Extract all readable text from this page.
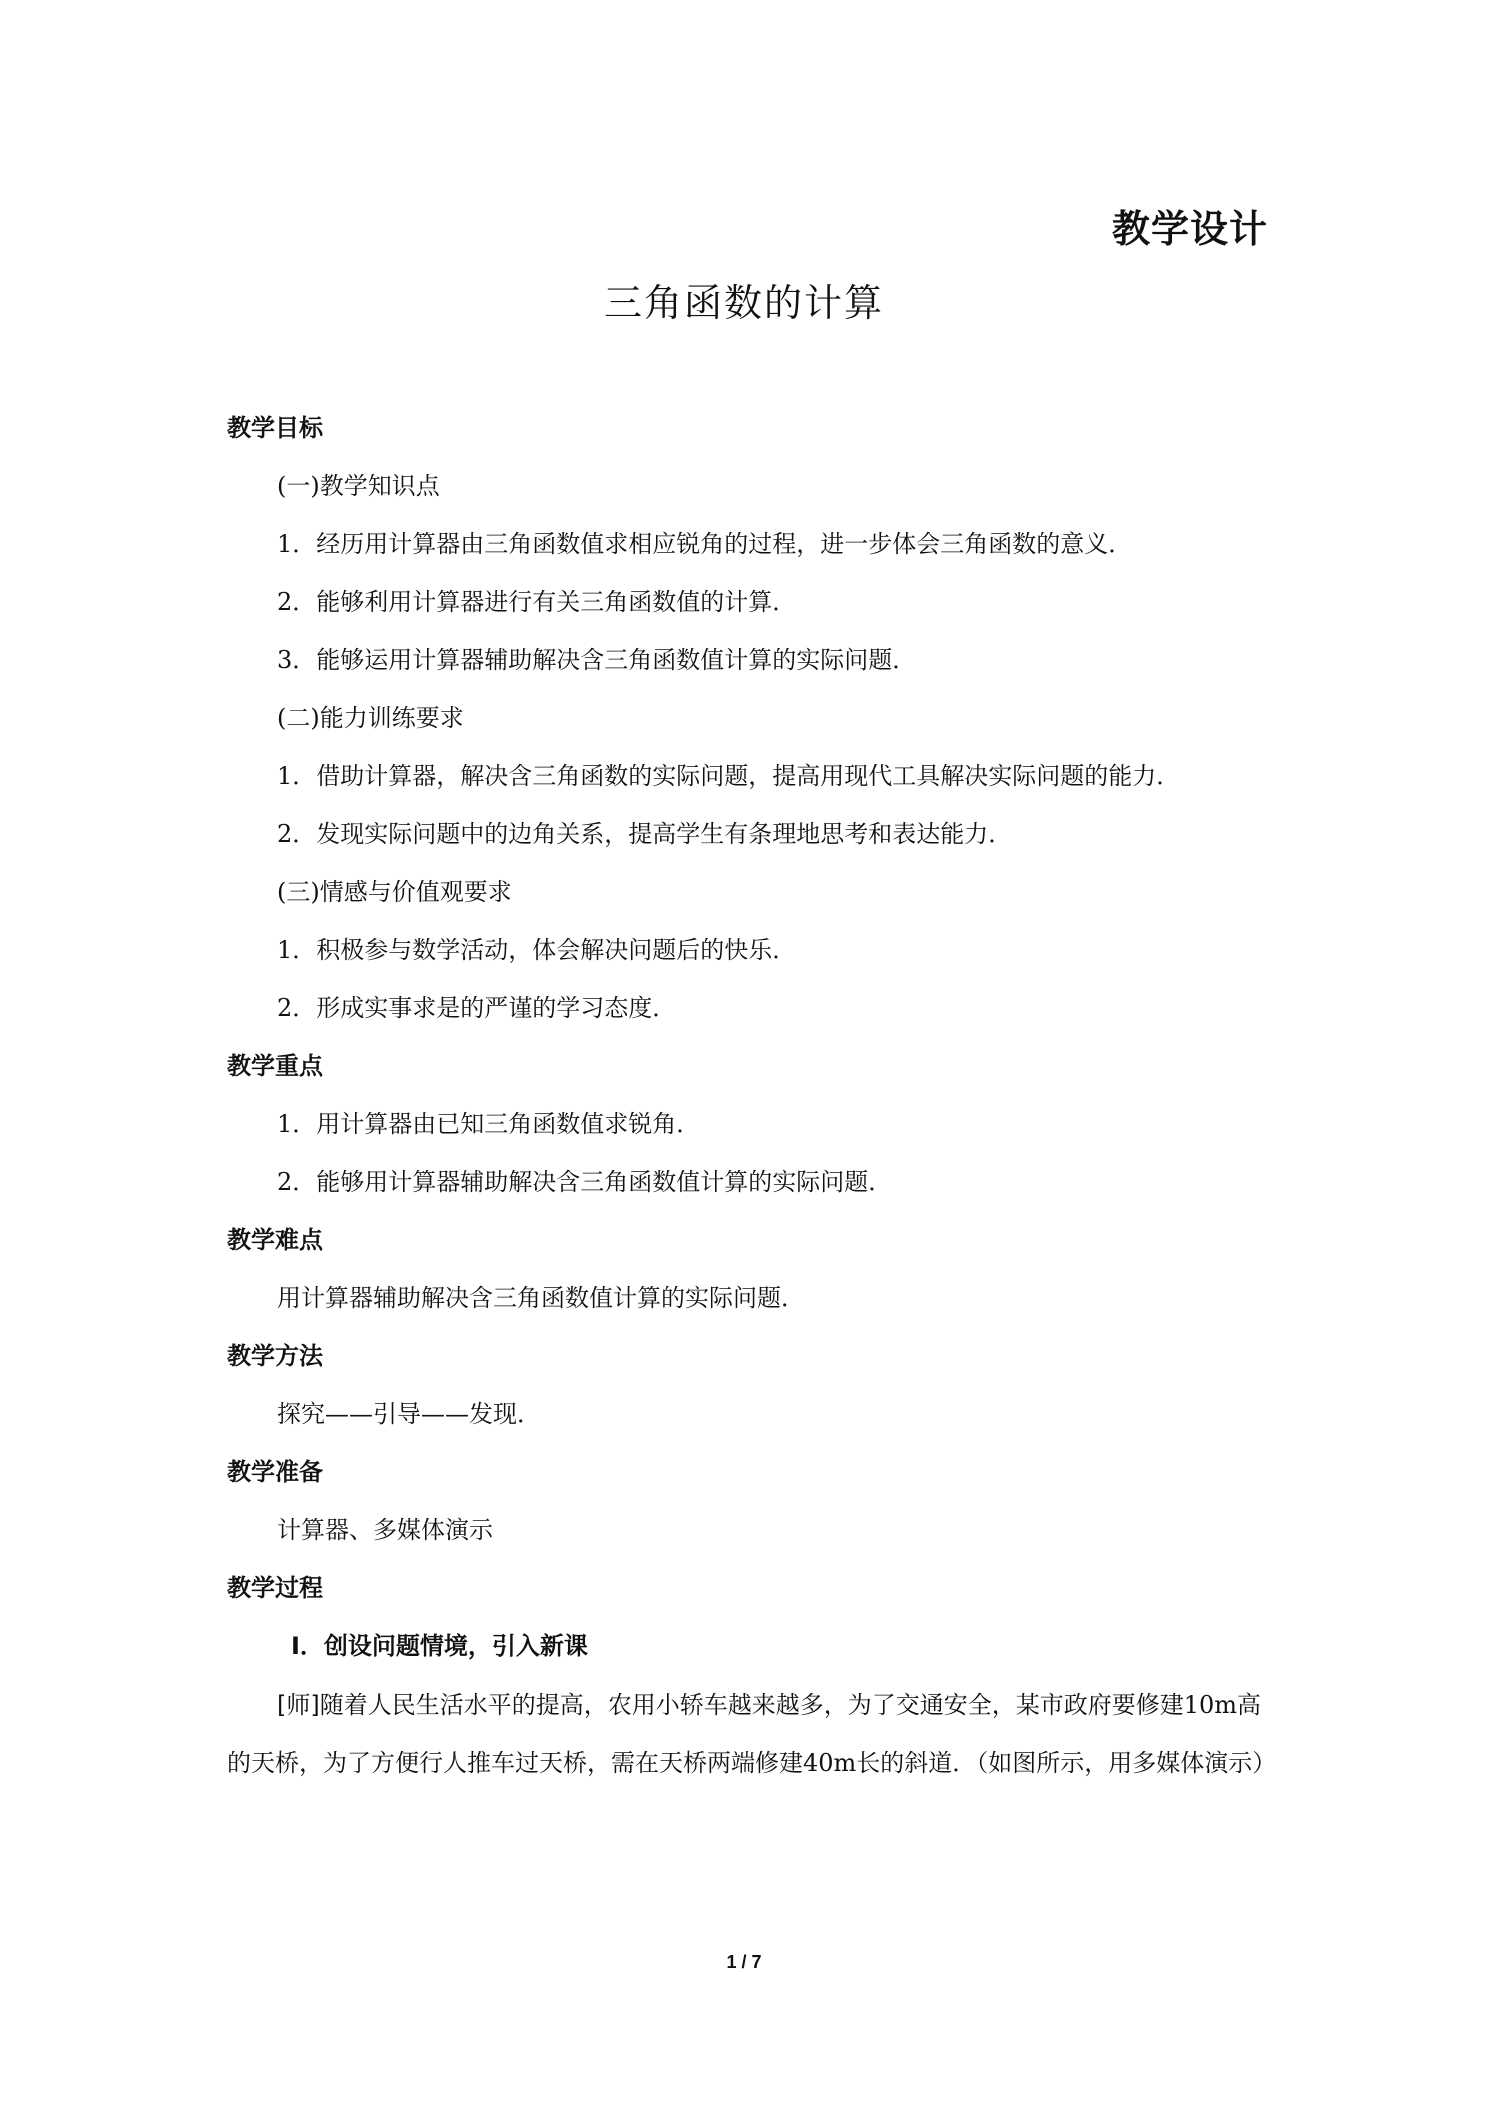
教学设计
三角函数的计算
教学目标
(一)教学知识点
1．经历用计算器由三角函数值求相应锐角的过程，进一步体会三角函数的意义．
2．能够利用计算器进行有关三角函数值的计算．
3．能够运用计算器辅助解决含三角函数值计算的实际问题．
(二)能力训练要求
1．借助计算器，解决含三角函数的实际问题，提高用现代工具解决实际问题的能力．
2．发现实际问题中的边角关系，提高学生有条理地思考和表达能力．
(三)情感与价值观要求
1．积极参与数学活动，体会解决问题后的快乐．
2．形成实事求是的严谨的学习态度．
教学重点
1．用计算器由已知三角函数值求锐角．
2．能够用计算器辅助解决含三角函数值计算的实际问题．
教学难点
用计算器辅助解决含三角函数值计算的实际问题．
教学方法
探究——引导——发现．
教学准备
计算器、多媒体演示
教学过程
Ⅰ．创设问题情境，引入新课
[师]随着人民生活水平的提高，农用小轿车越来越多，为了交通安全，某市政府要修建10m高的天桥，为了方便行人推车过天桥，需在天桥两端修建40m长的斜道．（如图所示，用多媒体演示）
1 / 7
